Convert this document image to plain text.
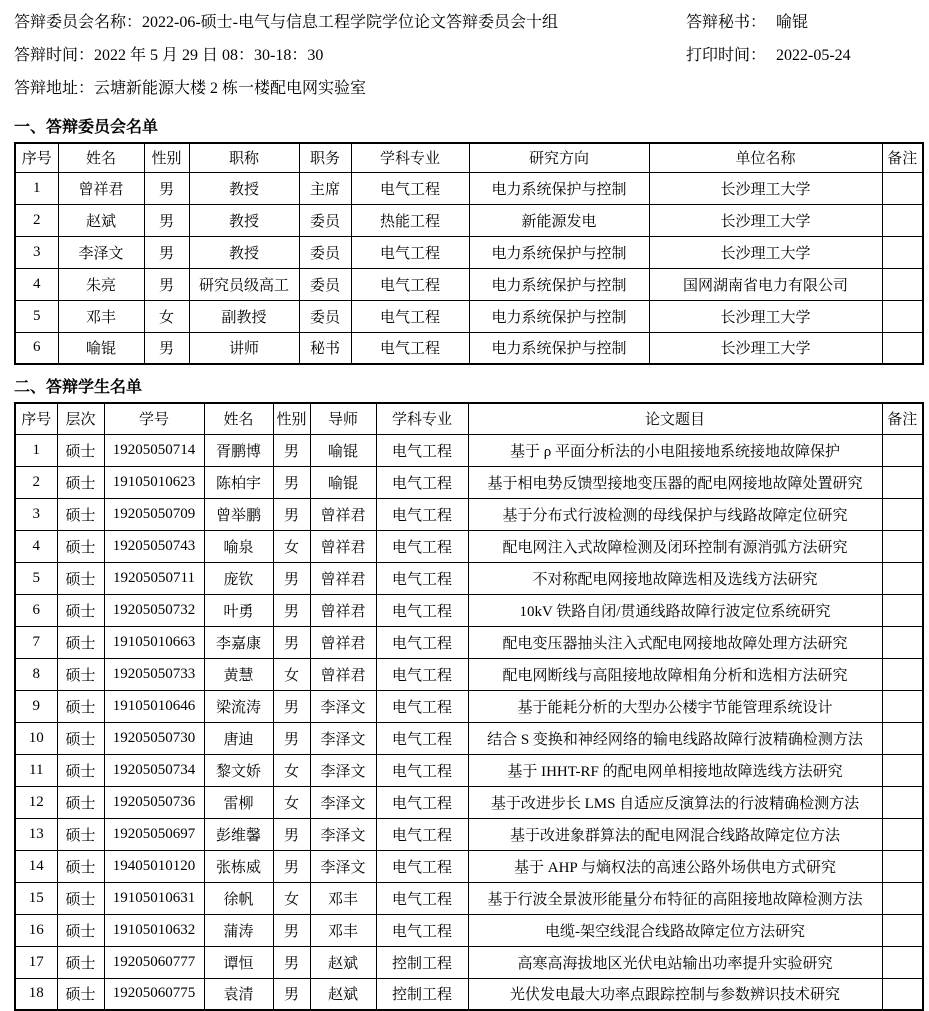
答辩委员会名称：2022-06-硕士-电气与信息工程学院学位论文答辩委员会十组
答辩时间：2022 年 5 月 29 日 08：30-18：30
答辩地址：云塘新能源大楼 2 栋一楼配电网实验室
答辩秘书： 喻锟
打印时间： 2022-05-24
一、答辩委员会名单
序号	姓名	性别	职称	职务	学科专业	研究方向	单位名称	备注
1	曾祥君	男	教授	主席	电气工程	电力系统保护与控制	长沙理工大学	
2	赵斌	男	教授	委员	热能工程	新能源发电	长沙理工大学	
3	李泽文	男	教授	委员	电气工程	电力系统保护与控制	长沙理工大学	
4	朱亮	男	研究员级高工	委员	电气工程	电力系统保护与控制	国网湖南省电力有限公司	
5	邓丰	女	副教授	委员	电气工程	电力系统保护与控制	长沙理工大学	
6	喻锟	男	讲师	秘书	电气工程	电力系统保护与控制	长沙理工大学	
二、答辩学生名单
序号	层次	学号	姓名	性别	导师	学科专业	论文题目	备注
1	硕士	19205050714	胥鹏博	男	喻锟	电气工程	基于 ρ 平面分析法的小电阻接地系统接地故障保护	
2	硕士	19105010623	陈柏宇	男	喻锟	电气工程	基于相电势反馈型接地变压器的配电网接地故障处置研究	
3	硕士	19205050709	曾举鹏	男	曾祥君	电气工程	基于分布式行波检测的母线保护与线路故障定位研究	
4	硕士	19205050743	喻泉	女	曾祥君	电气工程	配电网注入式故障检测及闭环控制有源消弧方法研究	
5	硕士	19205050711	庞钦	男	曾祥君	电气工程	不对称配电网接地故障选相及选线方法研究	
6	硕士	19205050732	叶勇	男	曾祥君	电气工程	10kV 铁路自闭/贯通线路故障行波定位系统研究	
7	硕士	19105010663	李嘉康	男	曾祥君	电气工程	配电变压器抽头注入式配电网接地故障处理方法研究	
8	硕士	19205050733	黄慧	女	曾祥君	电气工程	配电网断线与高阻接地故障相角分析和选相方法研究	
9	硕士	19105010646	梁流涛	男	李泽文	电气工程	基于能耗分析的大型办公楼宇节能管理系统设计	
10	硕士	19205050730	唐迪	男	李泽文	电气工程	结合 S 变换和神经网络的输电线路故障行波精确检测方法	
11	硕士	19205050734	黎文娇	女	李泽文	电气工程	基于 IHHT-RF 的配电网单相接地故障选线方法研究	
12	硕士	19205050736	雷柳	女	李泽文	电气工程	基于改进步长 LMS 自适应反演算法的行波精确检测方法	
13	硕士	19205050697	彭维馨	男	李泽文	电气工程	基于改进象群算法的配电网混合线路故障定位方法	
14	硕士	19405010120	张栋威	男	李泽文	电气工程	基于 AHP 与熵权法的高速公路外场供电方式研究	
15	硕士	19105010631	徐帆	女	邓丰	电气工程	基于行波全景波形能量分布特征的高阻接地故障检测方法	
16	硕士	19105010632	蒲涛	男	邓丰	电气工程	电缆-架空线混合线路故障定位方法研究	
17	硕士	19205060777	谭恒	男	赵斌	控制工程	高寒高海拔地区光伏电站输出功率提升实验研究	
18	硕士	19205060775	袁清	男	赵斌	控制工程	光伏发电最大功率点跟踪控制与参数辨识技术研究	
